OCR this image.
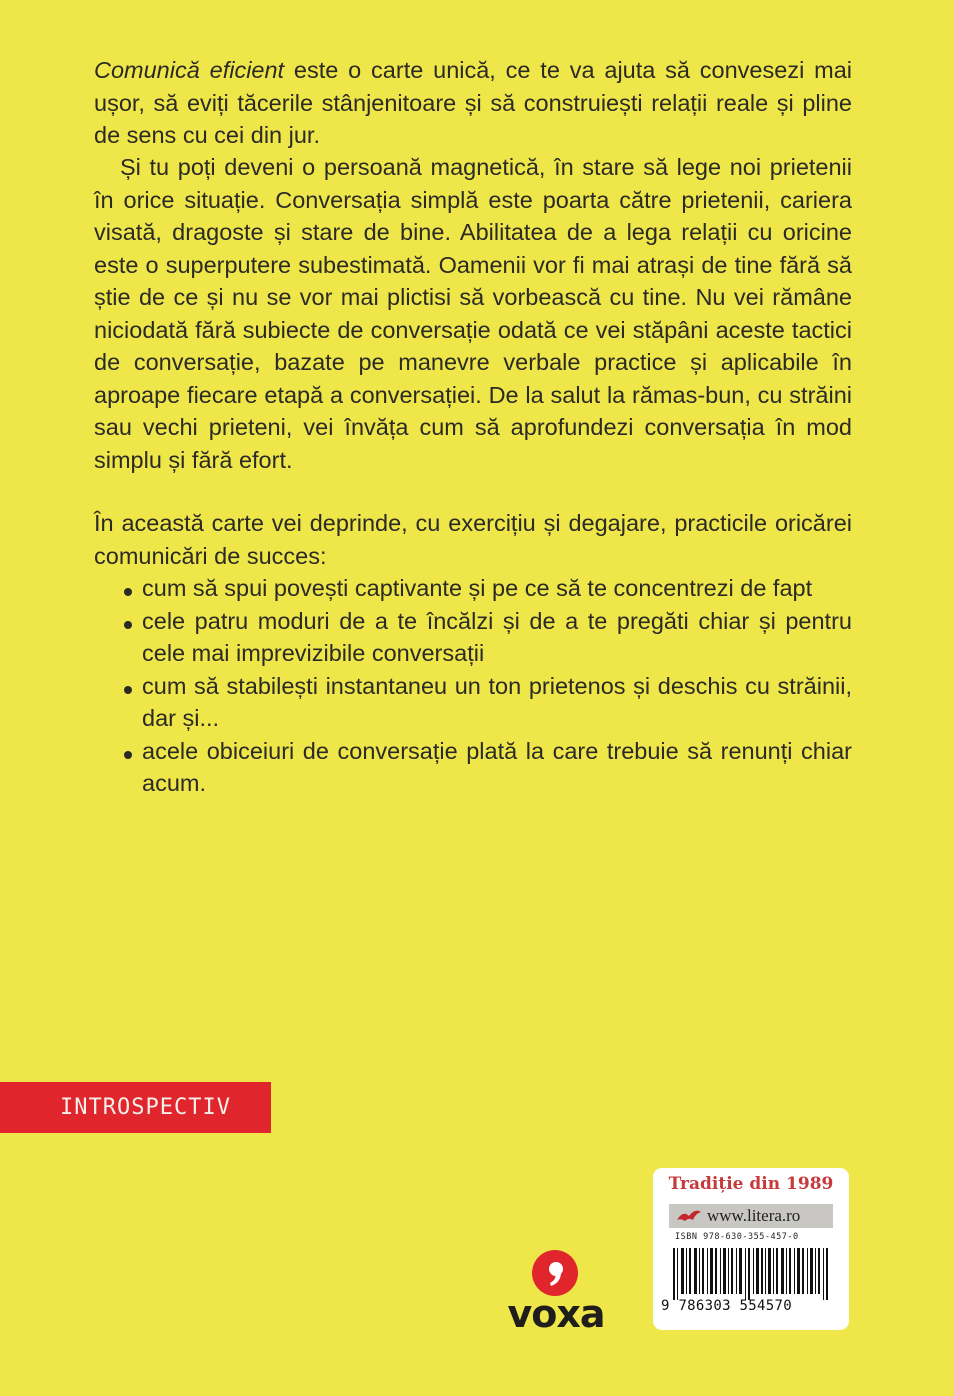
Comunică eficient este o carte unică, ce te va ajuta să convesezi mai ușor, să eviți tăcerile stânjenitoare și să construiești relații reale și pline de sens cu cei din jur.

Și tu poți deveni o persoană magnetică, în stare să lege noi prietenii în orice situație. Conversația simplă este poarta către prietenii, cariera visată, dragoste și stare de bine. Abilitatea de a lega relații cu oricine este o superputere subestimată. Oamenii vor fi mai atrași de tine fără să știe de ce și nu se vor mai plictisi să vorbească cu tine. Nu vei rămâne niciodată fără subiecte de conversație odată ce vei stăpâni aceste tactici de conversație, bazate pe manevre verbale practice și aplicabile în aproape fiecare etapă a conversației. De la salut la rămas-bun, cu străini sau vechi prieteni, vei învăța cum să aprofundezi conversația în mod simplu și fără efort.

În această carte vei deprinde, cu exercițiu și degajare, practicile oricărei comunicări de succes:

cum să spui povești captivante și pe ce să te concentrezi de fapt
cele patru moduri de a te încălzi și de a te pregăti chiar și pentru cele mai imprevizibile conversații
cum să stabilești instantaneu un ton prietenos și deschis cu străinii, dar și...
acele obiceiuri de conversație plată la care trebuie să renunți chiar acum.
INTROSPECTIV
voxa
Tradiție din 1989
www.litera.ro
ISBN 978-630-355-457-0
9 786303 554570
